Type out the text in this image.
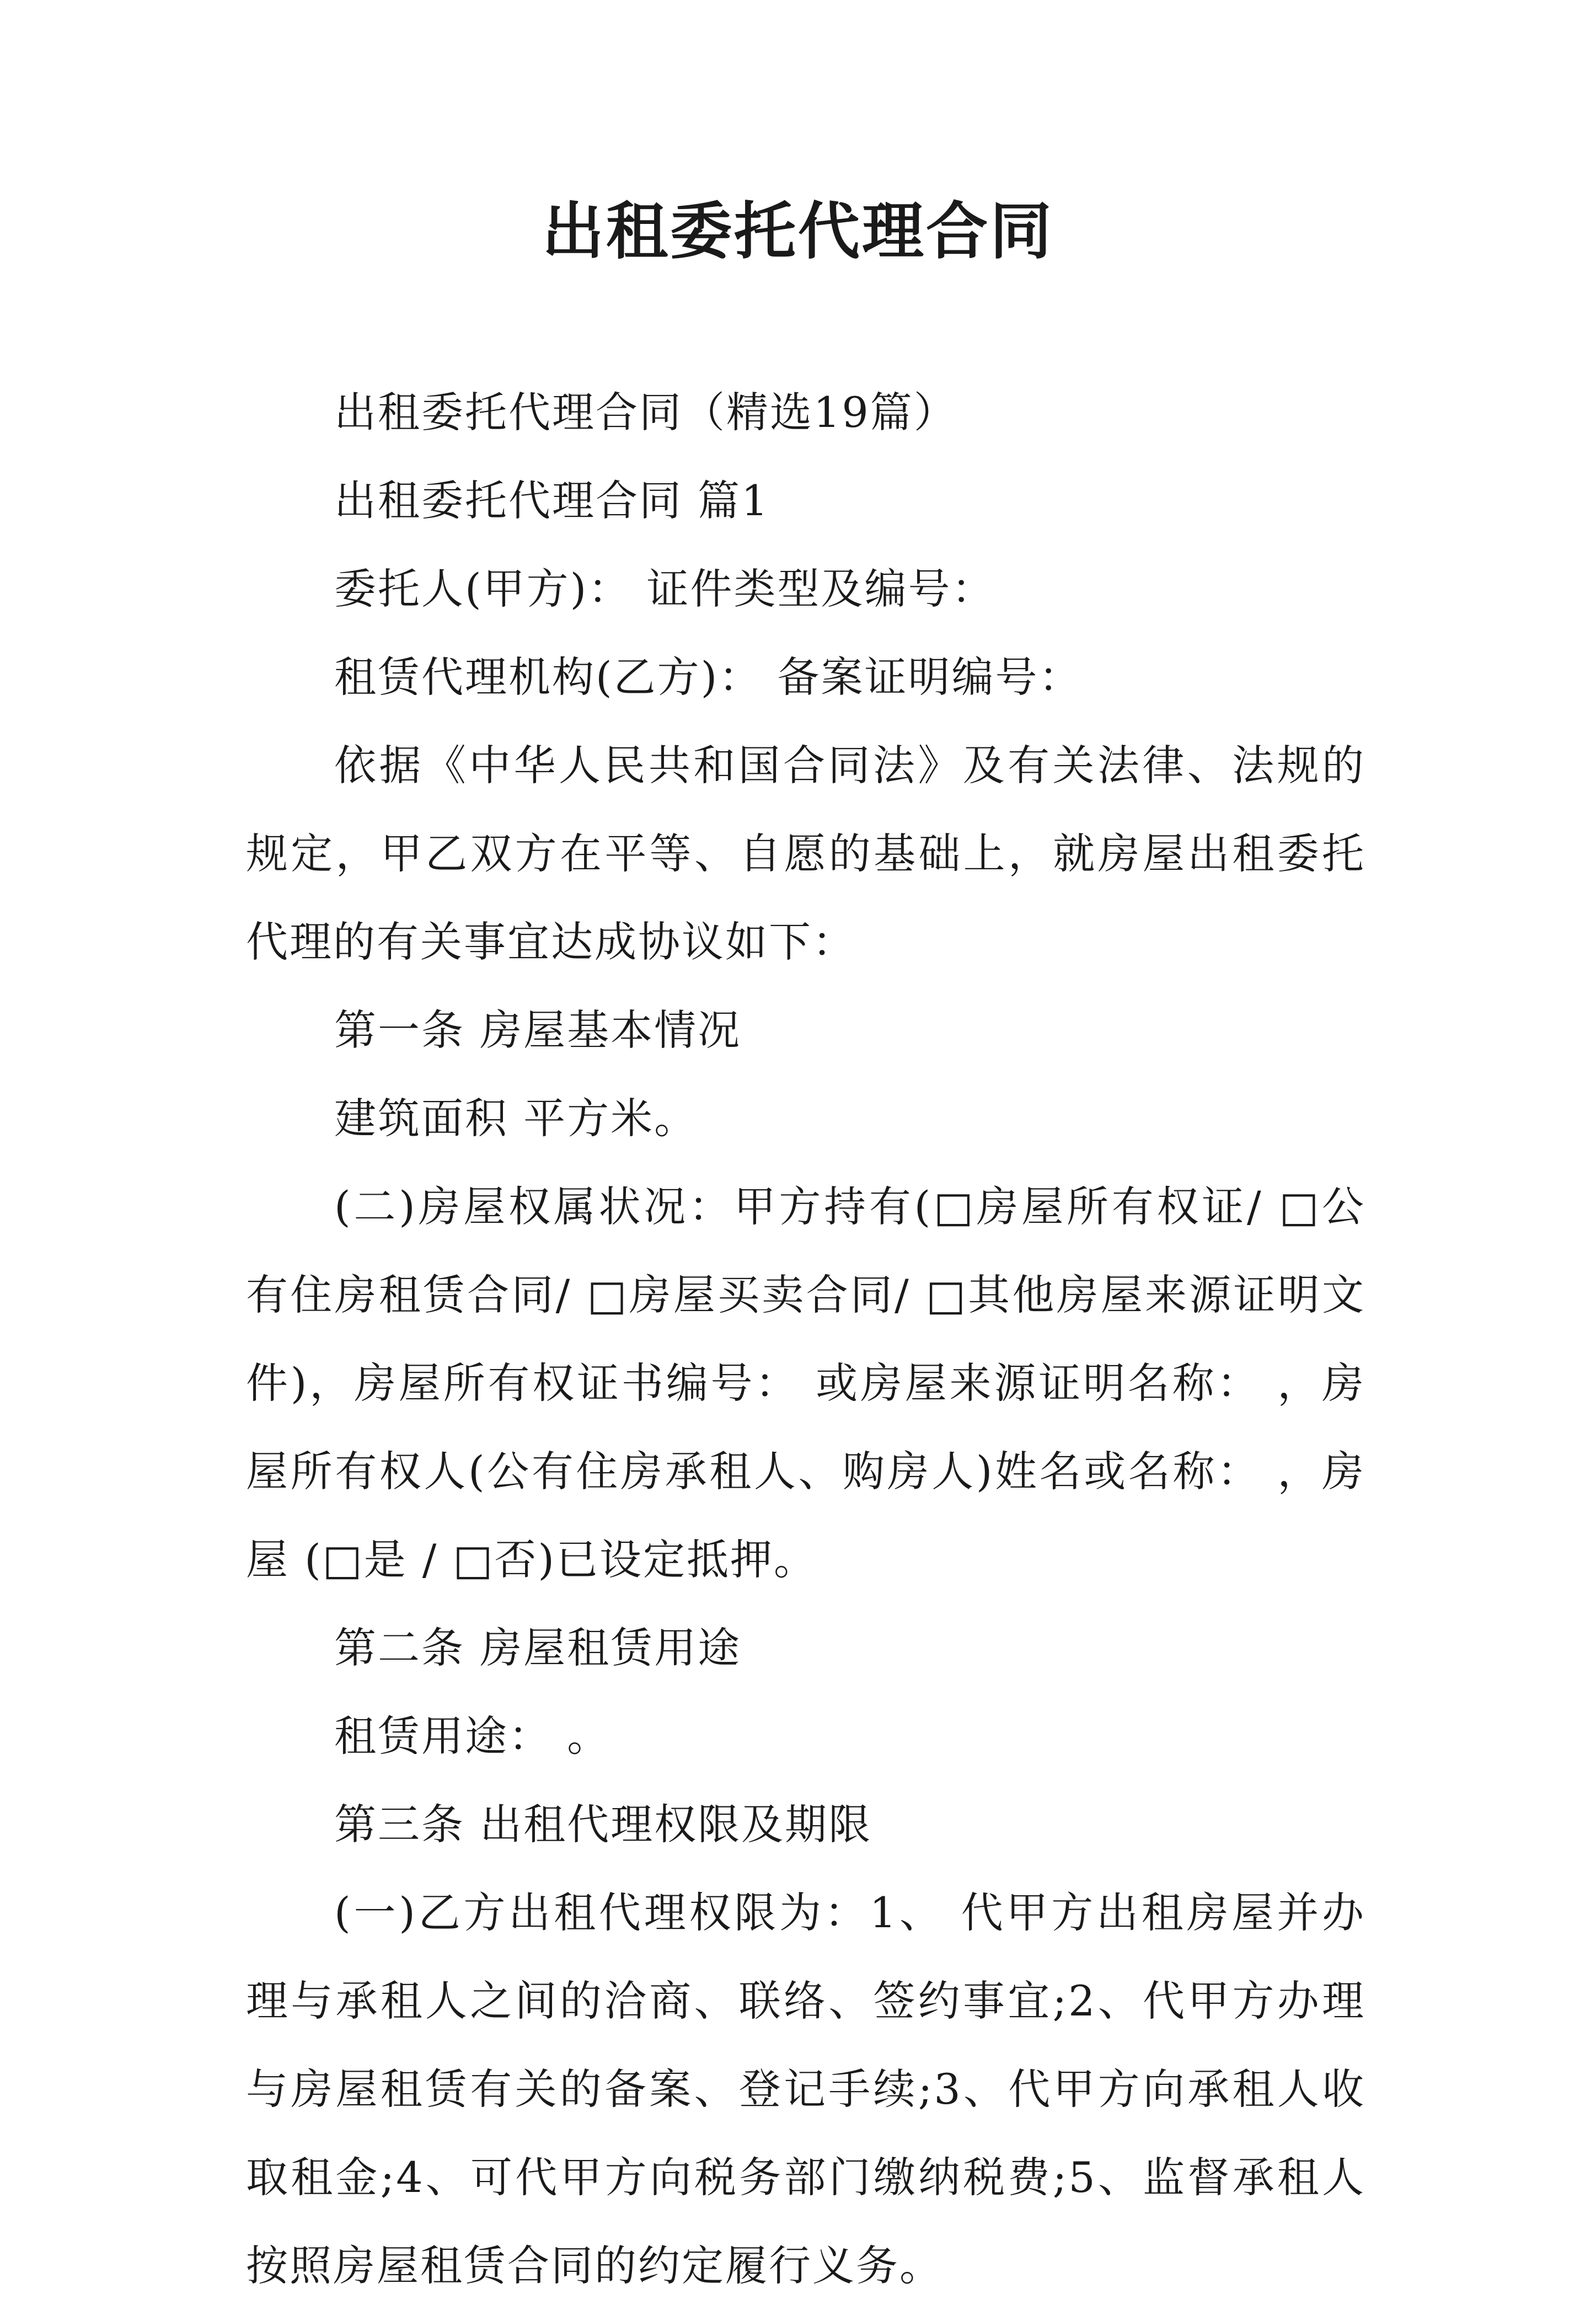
出租委托代理合同

出租委托代理合同（精选19篇）

出租委托代理合同 篇1

委托人(甲方)： 证件类型及编号：

租赁代理机构(乙方)： 备案证明编号：

依据《中华人民共和国合同法》及有关法律、法规的规定，甲乙双方在平等、自愿的基础上，就房屋出租委托代理的有关事宜达成协议如下：

第一条 房屋基本情况

建筑面积 平方米。

(二)房屋权属状况：甲方持有(□房屋所有权证/ □公有住房租赁合同/ □房屋买卖合同/ □其他房屋来源证明文件)，房屋所有权证书编号： 或房屋来源证明名称： ，房屋所有权人(公有住房承租人、购房人)姓名或名称： ，房屋 (□是 / □否)已设定抵押。

第二条 房屋租赁用途

租赁用途： 。

第三条 出租代理权限及期限

(一)乙方出租代理权限为：1、 代甲方出租房屋并办理与承租人之间的洽商、联络、签约事宜;2、代甲方办理与房屋租赁有关的备案、登记手续;3、代甲方向承租人收取租金;4、可代甲方向税务部门缴纳税费;5、监督承租人按照房屋租赁合同的约定履行义务。
